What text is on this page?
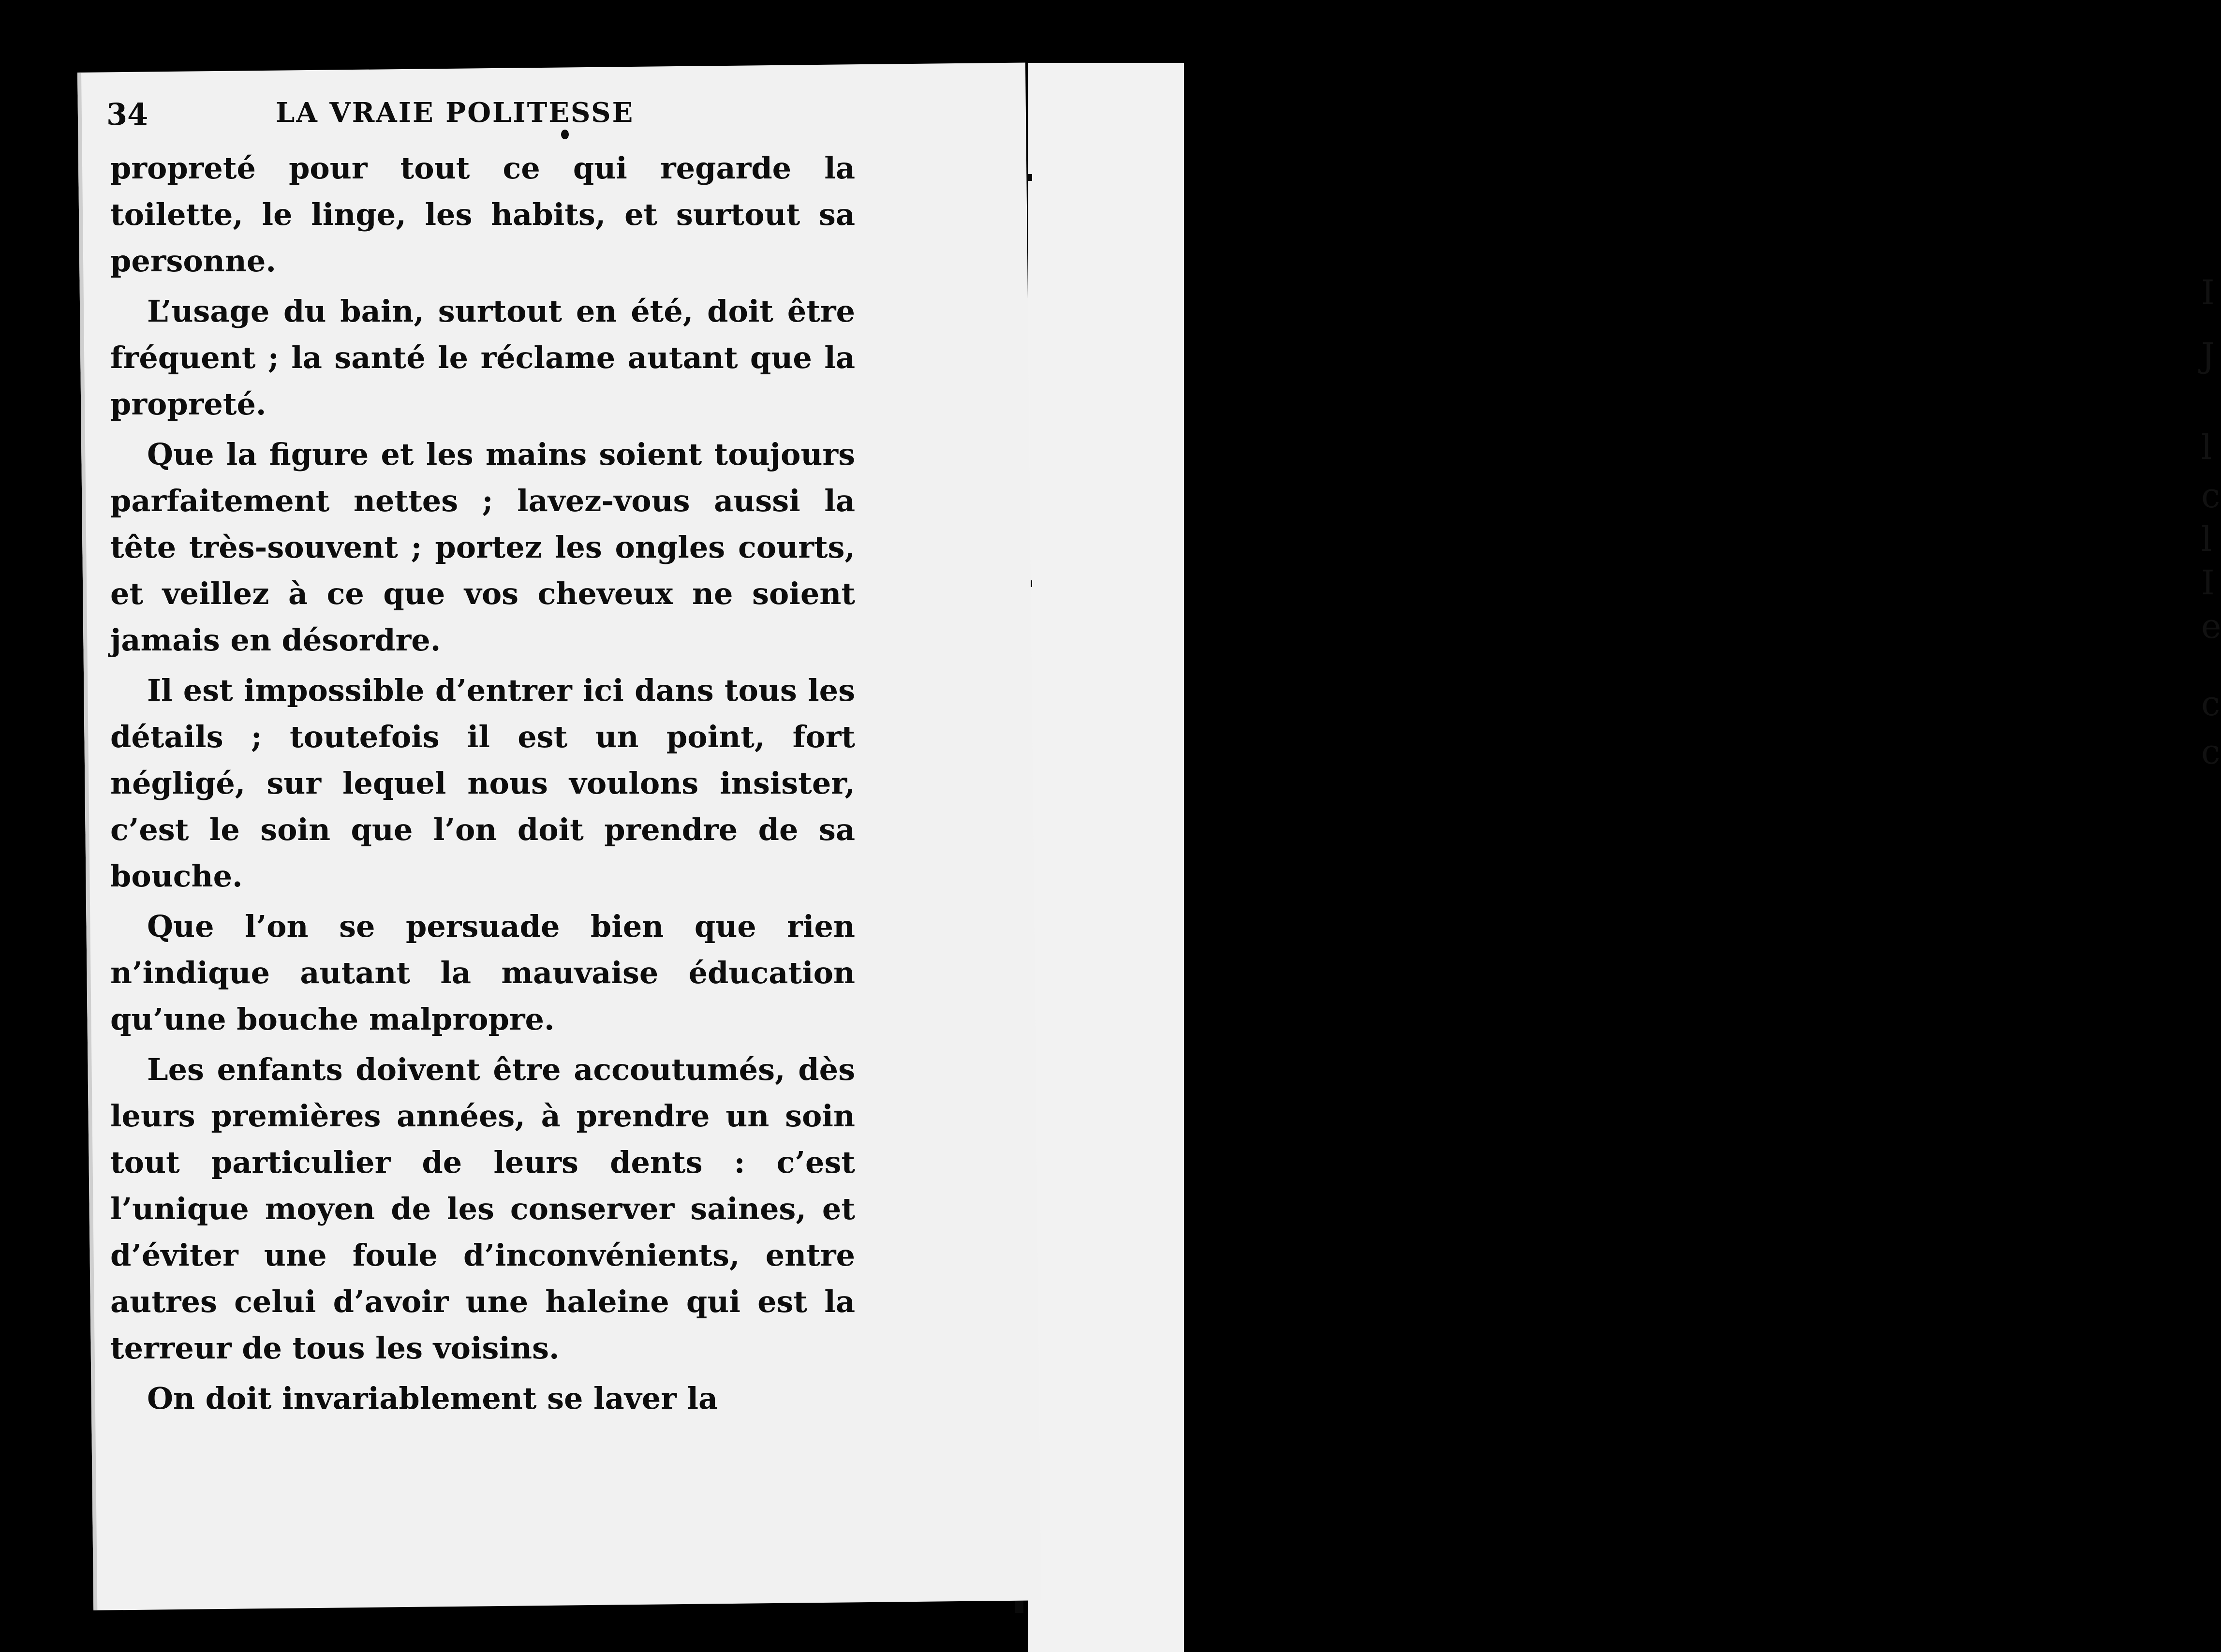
I
J
l
c
l
I
e
c
c
34	LA VRAIE POLITESSE

propreté pour tout ce qui regarde la toilette, le linge, les habits, et surtout sa personne.

L’usage du bain, surtout en été, doit être fréquent ; la santé le réclame autant que la propreté.

Que la figure et les mains soient toujours parfaitement nettes ; lavez-vous aussi la tête très-souvent ; portez les ongles courts, et veillez à ce que vos cheveux ne soient jamais en désordre.

Il est impossible d’entrer ici dans tous les détails ; toutefois il est un point, fort négligé, sur lequel nous voulons insister, c’est le soin que l’on doit prendre de sa bouche.

Que l’on se persuade bien que rien n’indique autant la mauvaise éducation qu’une bouche malpropre.

Les enfants doivent être accoutumés, dès leurs premières années, à prendre un soin tout particulier de leurs dents : c’est l’unique moyen de les conserver saines, et d’éviter une foule d’inconvénients, entre autres celui d’avoir une haleine qui est la terreur de tous les voisins.

On doit invariablement se laver la
